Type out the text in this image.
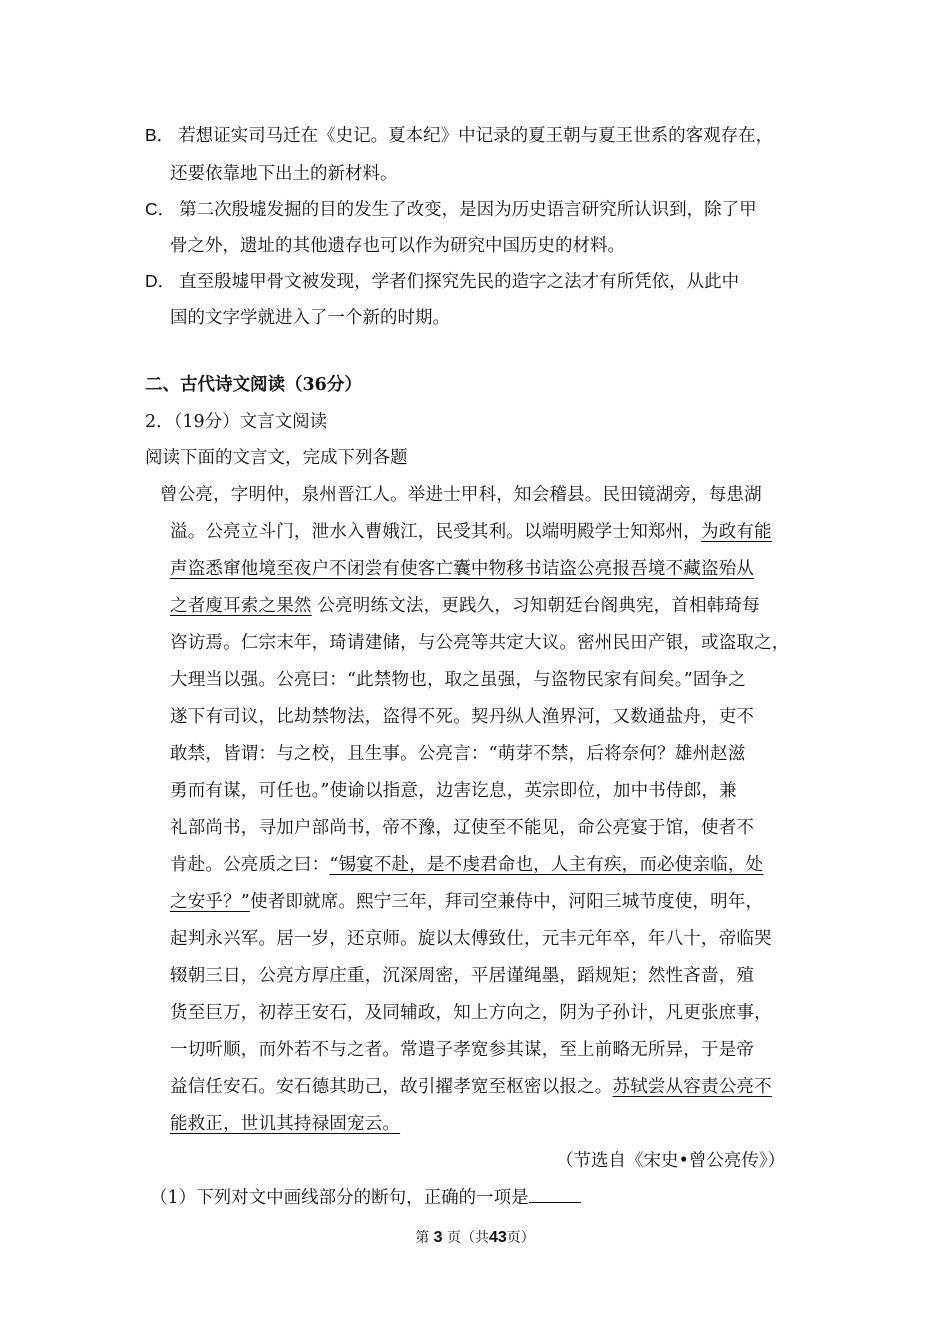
B． 若想证实司马迁在《史记。夏本纪》中记录的夏王朝与夏王世系的客观存在，
还要依靠地下出土的新材料。
C． 第二次殷墟发掘的目的发生了改变，是因为历史语言研究所认识到，除了甲
骨之外，遗址的其他遗存也可以作为研究中国历史的材料。
D． 直至殷墟甲骨文被发现，学者们探究先民的造字之法才有所凭依，从此中
国的文字学就进入了一个新的时期。
二、古代诗文阅读（36分）
2．（19分）文言文阅读
阅读下面的文言文，完成下列各题
曾公亮，字明仲，泉州晋江人。举进士甲科，知会稽县。民田镜湖旁，每患湖
溢。公亮立斗门，泄水入曹娥江，民受其利。以端明殿学士知郑州，为政有能
声盗悉窜他境至夜户不闭尝有使客亡囊中物移书诘盗公亮报吾境不藏盗殆从
之者廋耳索之果然 公亮明练文法，更践久，习知朝廷台阁典宪，首相韩琦每
咨访焉。仁宗末年，琦请建储，与公亮等共定大议。密州民田产银，或盗取之，
大理当以强。公亮曰：“此禁物也，取之虽强，与盗物民家有间矣。”固争之
遂下有司议，比劫禁物法，盗得不死。契丹纵人渔界河，又数通盐舟，吏不
敢禁，皆谓：与之校，且生事。公亮言：“萌芽不禁，后将奈何？雄州赵滋
勇而有谋，可任也。”使谕以指意，边害讫息，英宗即位，加中书侍郎，兼
礼部尚书，寻加户部尚书，帝不豫，辽使至不能见，命公亮宴于馆，使者不
肯赴。公亮质之曰：“锡宴不赴，是不虔君命也，人主有疾，而必使亲临，处
之安乎？”使者即就席。熙宁三年，拜司空兼侍中，河阳三城节度使，明年，
起判永兴军。居一岁，还京师。旋以太傅致仕，元丰元年卒，年八十，帝临哭
辍朝三日，公亮方厚庄重，沉深周密，平居谨绳墨，蹈规矩；然性吝啬，殖
货至巨万，初荐王安石，及同辅政，知上方向之，阴为子孙计，凡更张庶事，
一切听顺，而外若不与之者。常遣子孝宽参其谋，至上前略无所异，于是帝
益信任安石。安石德其助己，故引擢孝宽至枢密以报之。苏轼尝从容责公亮不
能救正，世讥其持禄固宠云。
（节选自《宋史•曾公亮传》）
（1）下列对文中画线部分的断句，正确的一项是
第 3 页（共43页）
